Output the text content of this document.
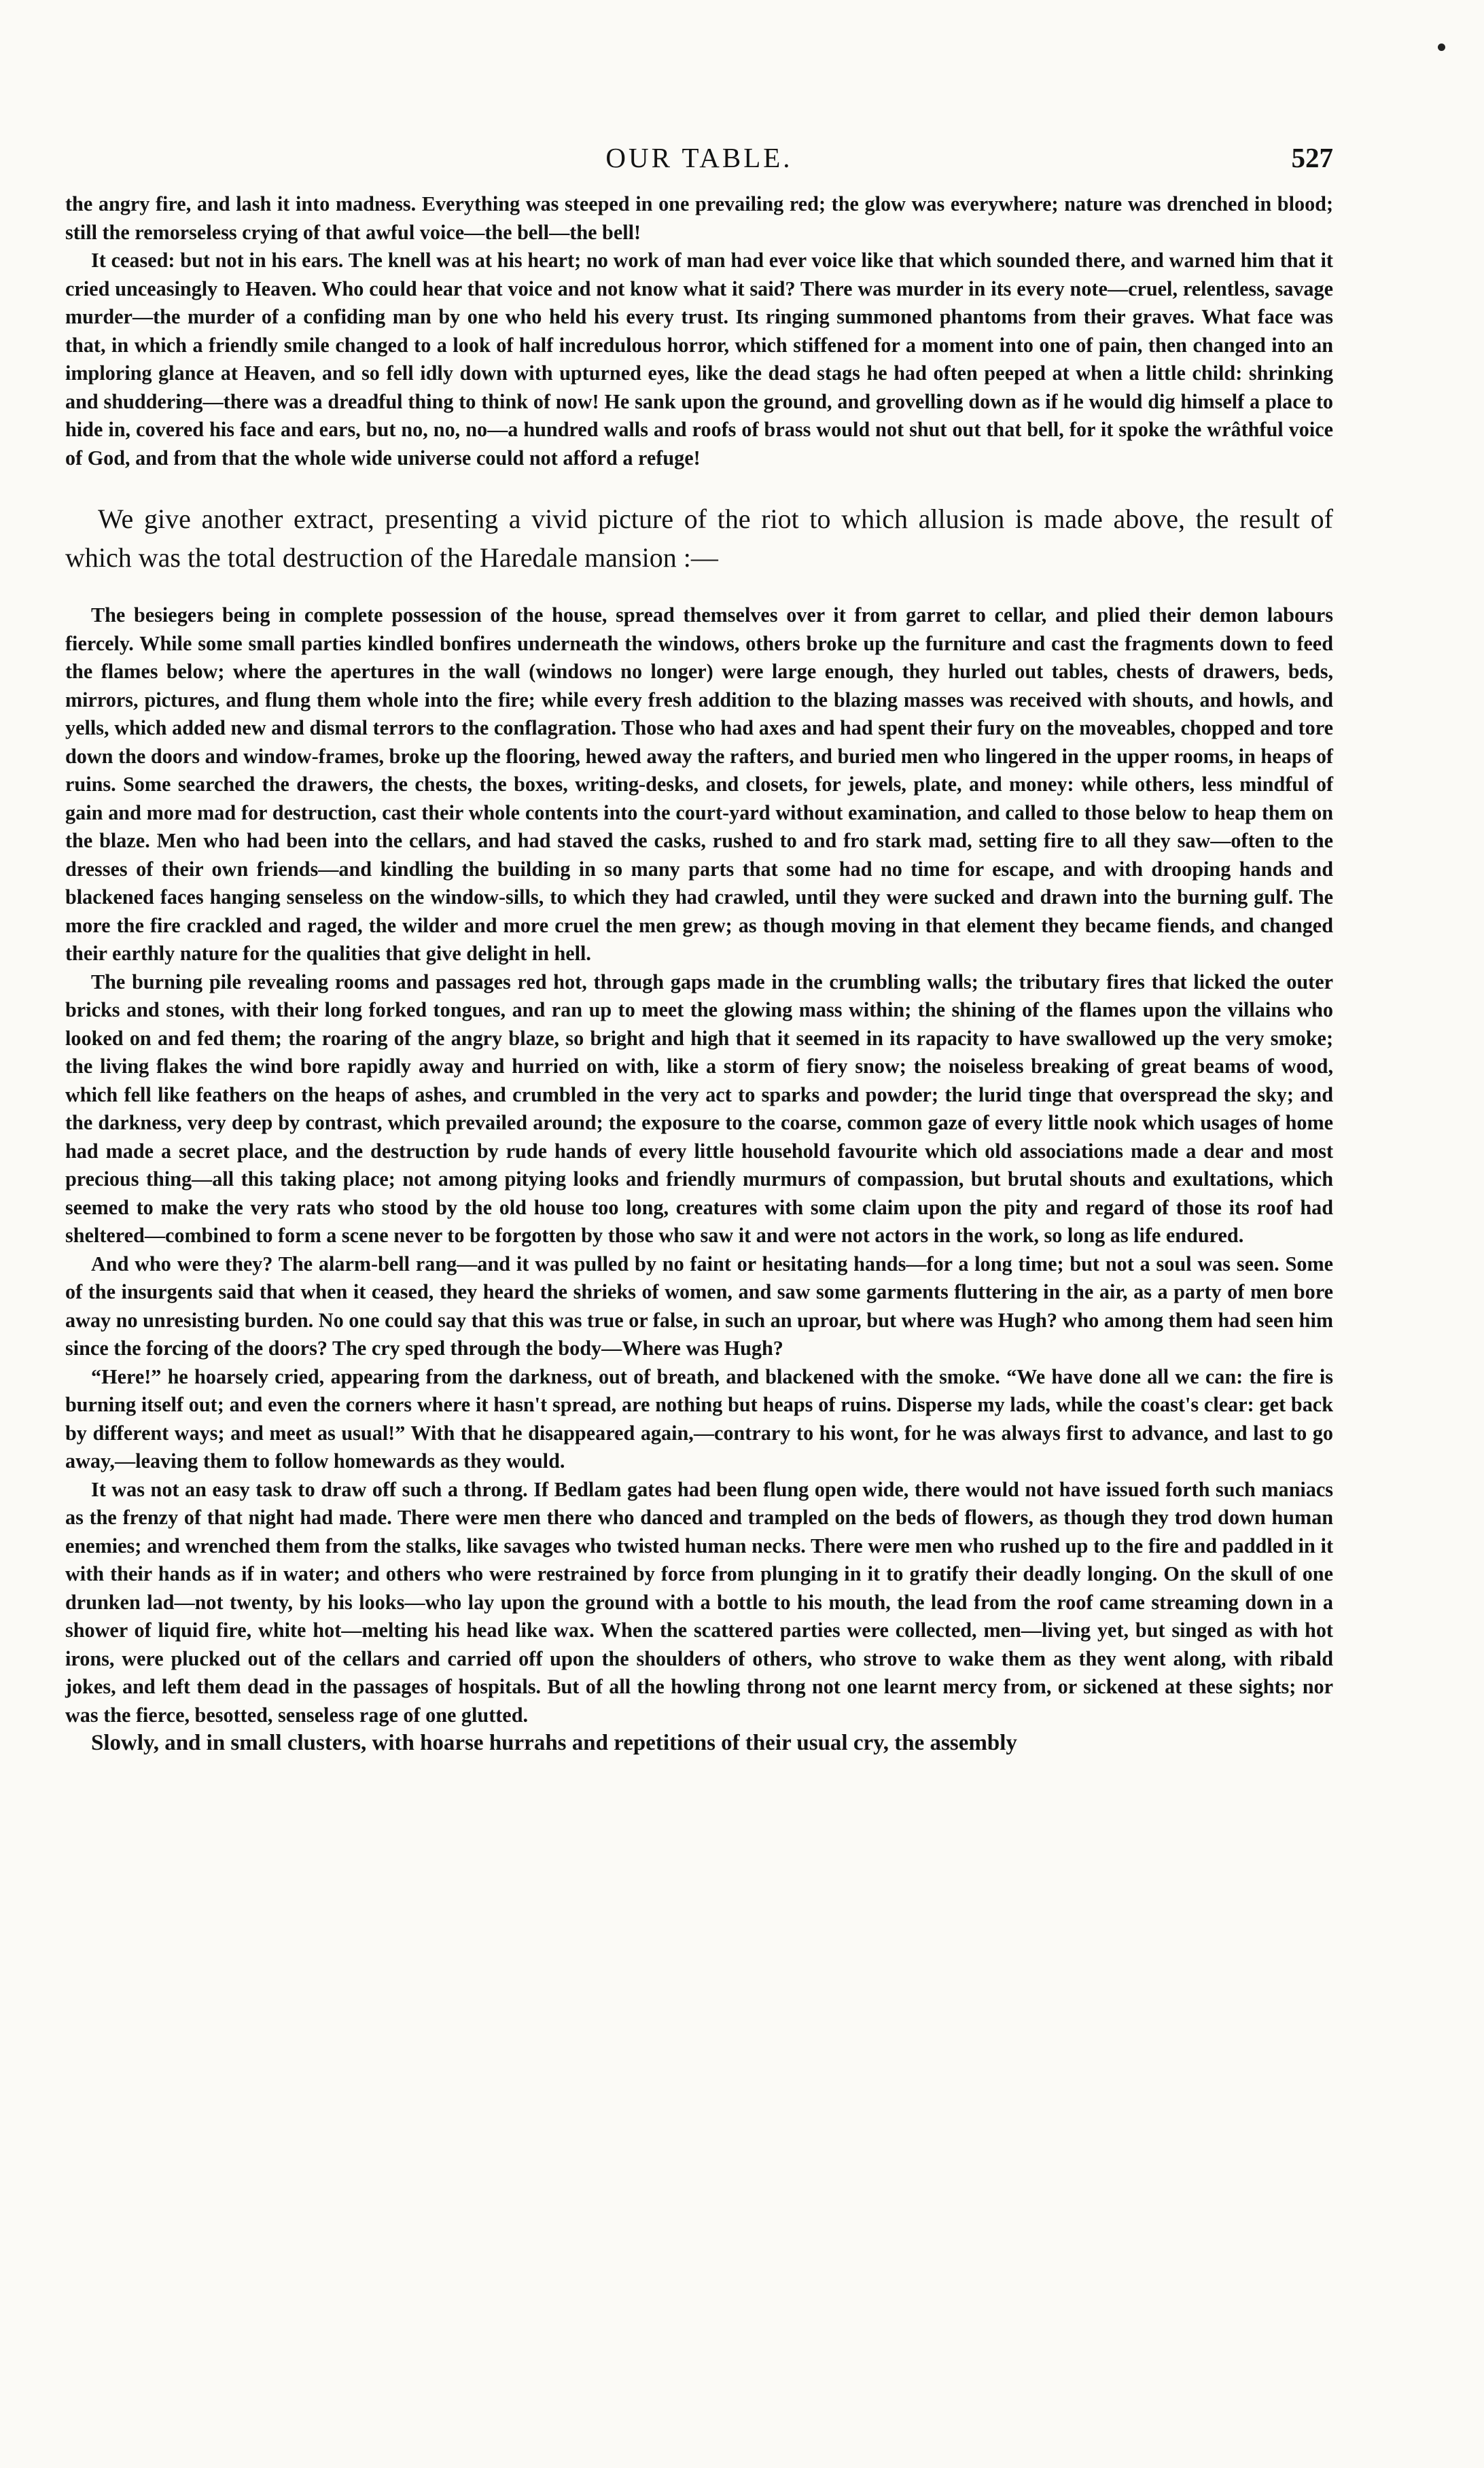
OUR TABLE.	527

the angry fire, and lash it into madness. Everything was steeped in one prevailing red; the glow was everywhere; nature was drenched in blood; still the remorseless crying of that awful voice—the bell—the bell!

It ceased: but not in his ears. The knell was at his heart; no work of man had ever voice like that which sounded there, and warned him that it cried unceasingly to Heaven. Who could hear that voice and not know what it said? There was murder in its every note—cruel, relentless, savage murder—the murder of a confiding man by one who held his every trust. Its ringing summoned phantoms from their graves. What face was that, in which a friendly smile changed to a look of half incredulous horror, which stiffened for a moment into one of pain, then changed into an imploring glance at Heaven, and so fell idly down with upturned eyes, like the dead stags he had often peeped at when a little child: shrinking and shuddering—there was a dreadful thing to think of now! He sank upon the ground, and grovelling down as if he would dig himself a place to hide in, covered his face and ears, but no, no, no—a hundred walls and roofs of brass would not shut out that bell, for it spoke the wrâthful voice of God, and from that the whole wide universe could not afford a refuge!

We give another extract, presenting a vivid picture of the riot to which allusion is made above, the result of which was the total destruction of the Haredale mansion :—

The besiegers being in complete possession of the house, spread themselves over it from garret to cellar, and plied their demon labours fiercely. While some small parties kindled bonfires underneath the windows, others broke up the furniture and cast the fragments down to feed the flames below; where the apertures in the wall (windows no longer) were large enough, they hurled out tables, chests of drawers, beds, mirrors, pictures, and flung them whole into the fire; while every fresh addition to the blazing masses was received with shouts, and howls, and yells, which added new and dismal terrors to the conflagration. Those who had axes and had spent their fury on the moveables, chopped and tore down the doors and window-frames, broke up the flooring, hewed away the rafters, and buried men who lingered in the upper rooms, in heaps of ruins. Some searched the drawers, the chests, the boxes, writing-desks, and closets, for jewels, plate, and money: while others, less mindful of gain and more mad for destruction, cast their whole contents into the court-yard without examination, and called to those below to heap them on the blaze. Men who had been into the cellars, and had staved the casks, rushed to and fro stark mad, setting fire to all they saw—often to the dresses of their own friends—and kindling the building in so many parts that some had no time for escape, and with drooping hands and blackened faces hanging senseless on the window-sills, to which they had crawled, until they were sucked and drawn into the burning gulf. The more the fire crackled and raged, the wilder and more cruel the men grew; as though moving in that element they became fiends, and changed their earthly nature for the qualities that give delight in hell.

The burning pile revealing rooms and passages red hot, through gaps made in the crumbling walls; the tributary fires that licked the outer bricks and stones, with their long forked tongues, and ran up to meet the glowing mass within; the shining of the flames upon the villains who looked on and fed them; the roaring of the angry blaze, so bright and high that it seemed in its rapacity to have swallowed up the very smoke; the living flakes the wind bore rapidly away and hurried on with, like a storm of fiery snow; the noiseless breaking of great beams of wood, which fell like feathers on the heaps of ashes, and crumbled in the very act to sparks and powder; the lurid tinge that overspread the sky; and the darkness, very deep by contrast, which prevailed around; the exposure to the coarse, common gaze of every little nook which usages of home had made a secret place, and the destruction by rude hands of every little household favourite which old associations made a dear and most precious thing—all this taking place; not among pitying looks and friendly murmurs of compassion, but brutal shouts and exultations, which seemed to make the very rats who stood by the old house too long, creatures with some claim upon the pity and regard of those its roof had sheltered—combined to form a scene never to be forgotten by those who saw it and were not actors in the work, so long as life endured.

And who were they? The alarm-bell rang—and it was pulled by no faint or hesitating hands—for a long time; but not a soul was seen. Some of the insurgents said that when it ceased, they heard the shrieks of women, and saw some garments fluttering in the air, as a party of men bore away no unresisting burden. No one could say that this was true or false, in such an uproar, but where was Hugh? who among them had seen him since the forcing of the doors? The cry sped through the body—Where was Hugh?

“Here!” he hoarsely cried, appearing from the darkness, out of breath, and blackened with the smoke. “We have done all we can: the fire is burning itself out; and even the corners where it hasn't spread, are nothing but heaps of ruins. Disperse my lads, while the coast's clear: get back by different ways; and meet as usual!” With that he disappeared again,—contrary to his wont, for he was always first to advance, and last to go away,—leaving them to follow homewards as they would.

It was not an easy task to draw off such a throng. If Bedlam gates had been flung open wide, there would not have issued forth such maniacs as the frenzy of that night had made. There were men there who danced and trampled on the beds of flowers, as though they trod down human enemies; and wrenched them from the stalks, like savages who twisted human necks. There were men who rushed up to the fire and paddled in it with their hands as if in water; and others who were restrained by force from plunging in it to gratify their deadly longing. On the skull of one drunken lad—not twenty, by his looks—who lay upon the ground with a bottle to his mouth, the lead from the roof came streaming down in a shower of liquid fire, white hot—melting his head like wax. When the scattered parties were collected, men—living yet, but singed as with hot irons, were plucked out of the cellars and carried off upon the shoulders of others, who strove to wake them as they went along, with ribald jokes, and left them dead in the passages of hospitals. But of all the howling throng not one learnt mercy from, or sickened at these sights; nor was the fierce, besotted, senseless rage of one glutted.

Slowly, and in small clusters, with hoarse hurrahs and repetitions of their usual cry, the assembly
